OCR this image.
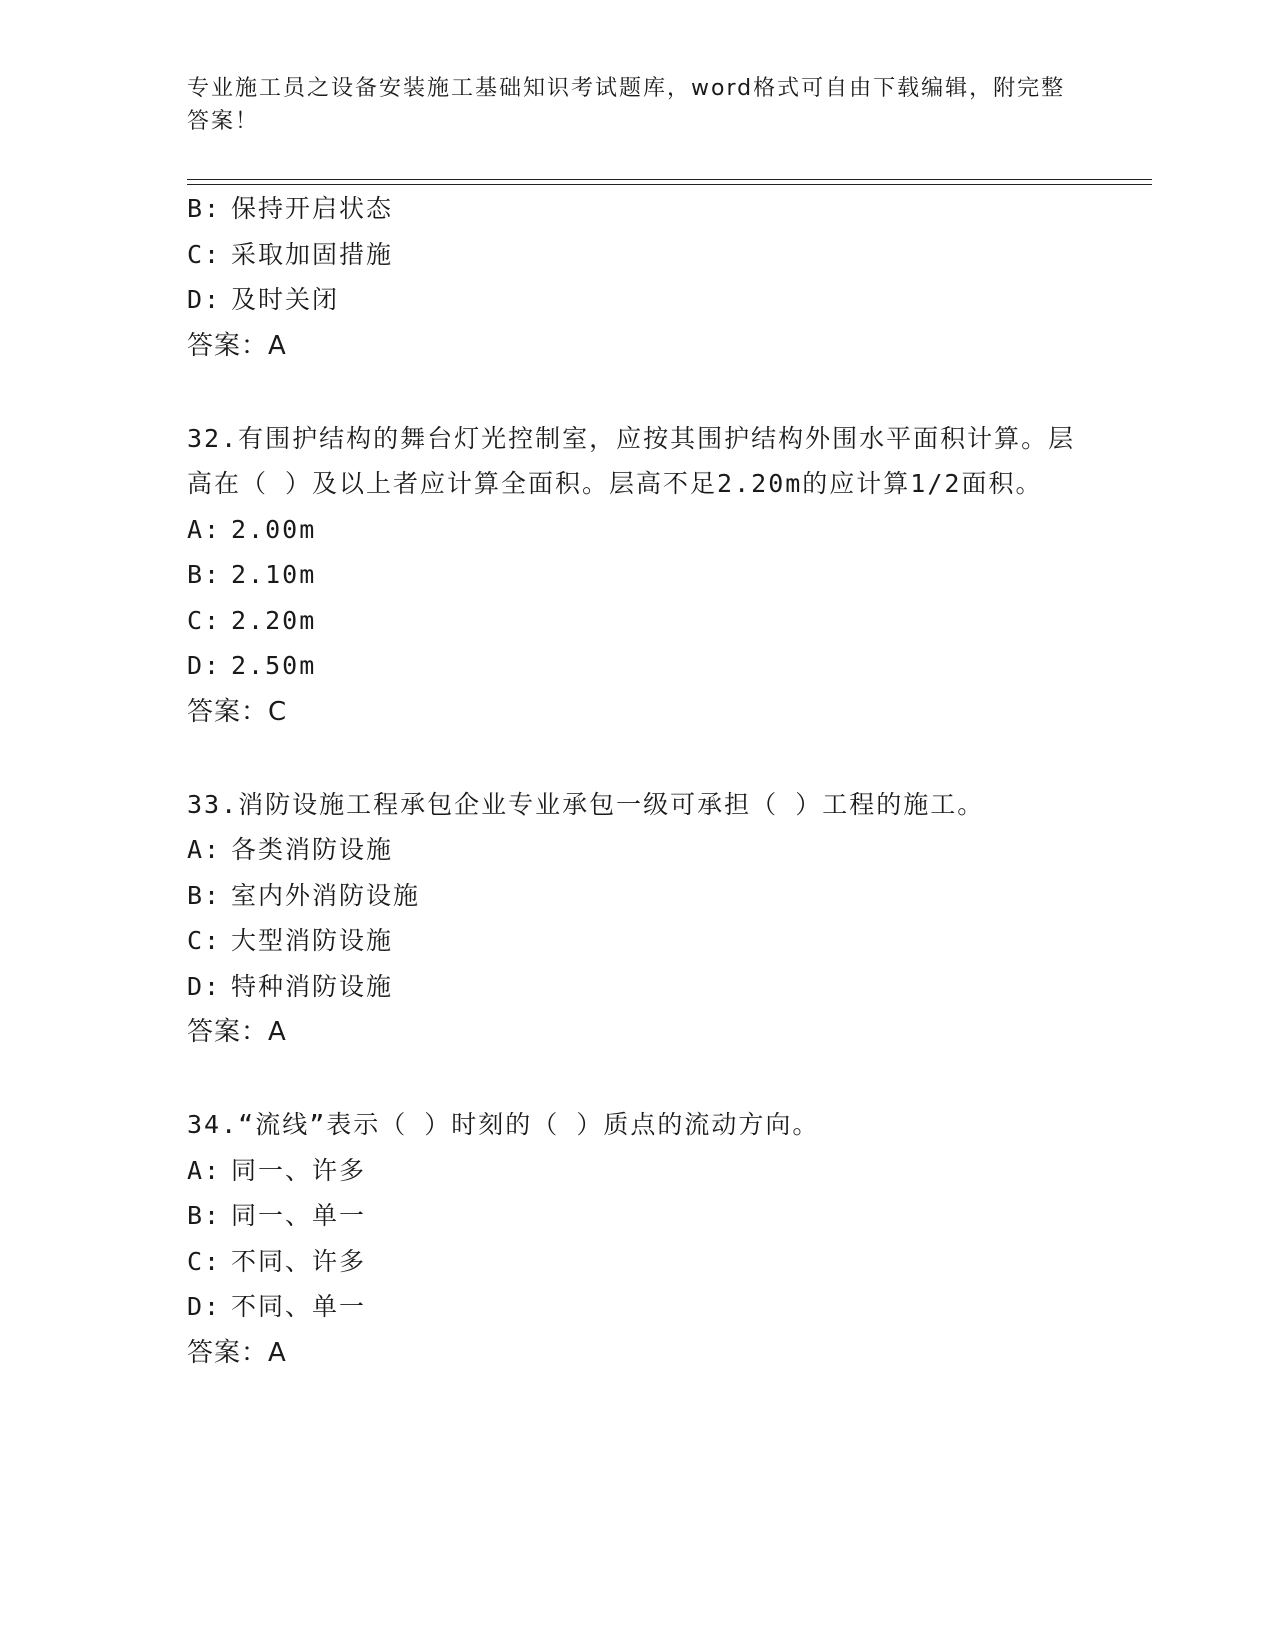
专业施工员之设备安装施工基础知识考试题库，word格式可自由下载编辑，附完整答案！
B: 保持开启状态
C: 采取加固措施
D: 及时关闭
答案：A
32.有围护结构的舞台灯光控制室，应按其围护结构外围水平面积计算。层高在（ ）及以上者应计算全面积。层高不足2.20m的应计算1/2面积。
A: 2.00m
B: 2.10m
C: 2.20m
D: 2.50m
答案：C
33.消防设施工程承包企业专业承包一级可承担（ ）工程的施工。
A: 各类消防设施
B: 室内外消防设施
C: 大型消防设施
D: 特种消防设施
答案：A
34.“流线”表示（ ）时刻的（ ）质点的流动方向。
A: 同一、许多
B: 同一、单一
C: 不同、许多
D: 不同、单一
答案：A
